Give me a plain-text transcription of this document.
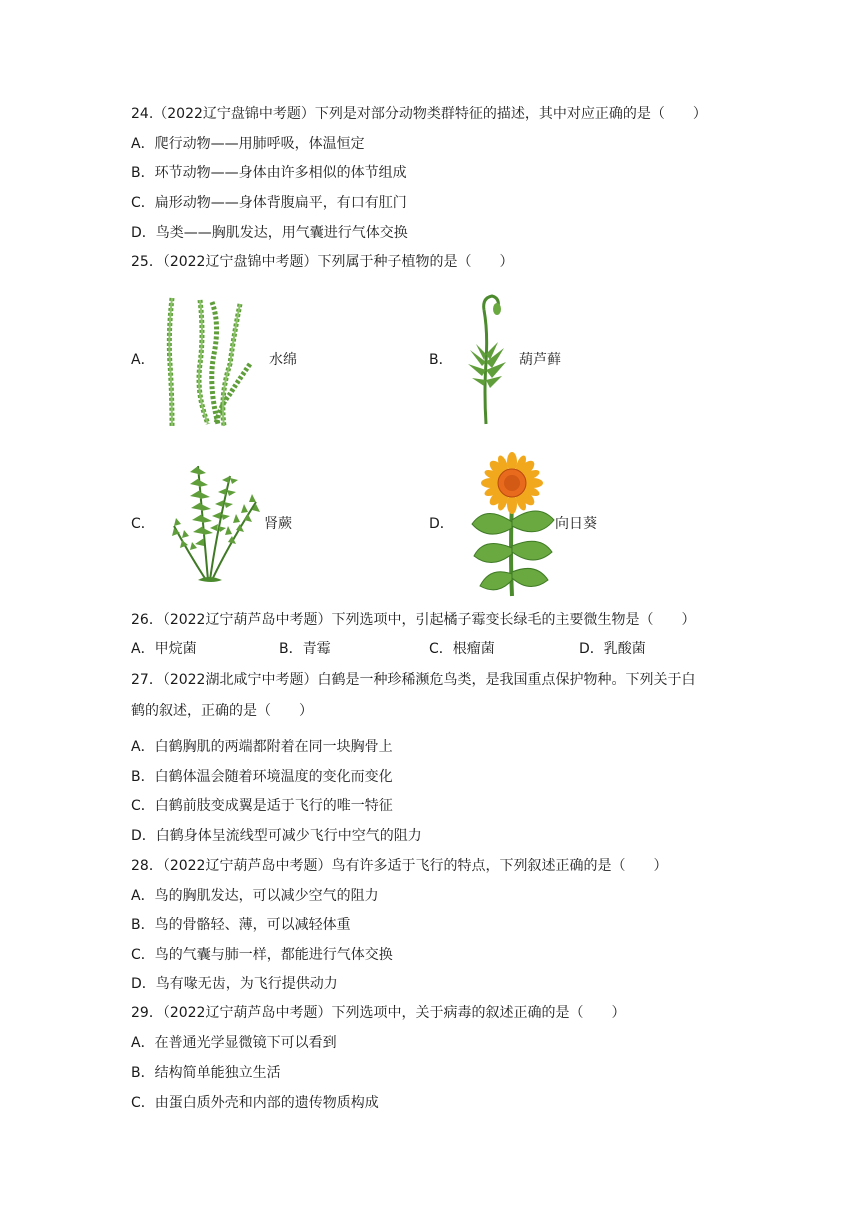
24.（2022辽宁盘锦中考题）下列是对部分动物类群特征的描述，其中对应正确的是（　　）
A．爬行动物——用肺呼吸，体温恒定
B．环节动物——身体由许多相似的体节组成
C．扁形动物——身体背腹扁平，有口有肛门
D．鸟类——胸肌发达，用气囊进行气体交换
25．（2022辽宁盘锦中考题）下列属于种子植物的是（　　）
A．	水绵	B．	葫芦藓
C．	肾蕨	D．	向日葵
26．（2022辽宁葫芦岛中考题）下列选项中，引起橘子霉变长绿毛的主要微生物是（　　）
A．甲烷菌	B．青霉	C．根瘤菌	D．乳酸菌
27．（2022湖北咸宁中考题）白鹤是一种珍稀濒危鸟类，是我国重点保护物种。下列关于白
鹤的叙述，正确的是（　　）
A．白鹤胸肌的两端都附着在同一块胸骨上
B．白鹤体温会随着环境温度的变化而变化
C．白鹤前肢变成翼是适于飞行的唯一特征
D．白鹤身体呈流线型可减少飞行中空气的阻力
28．（2022辽宁葫芦岛中考题）鸟有许多适于飞行的特点，下列叙述正确的是（　　）
A．鸟的胸肌发达，可以减少空气的阻力
B．鸟的骨骼轻、薄，可以减轻体重
C．鸟的气囊与肺一样，都能进行气体交换
D．鸟有喙无齿，为飞行提供动力
29．（2022辽宁葫芦岛中考题）下列选项中，关于病毒的叙述正确的是（　　）
A．在普通光学显微镜下可以看到
B．结构简单能独立生活
C．由蛋白质外壳和内部的遗传物质构成
